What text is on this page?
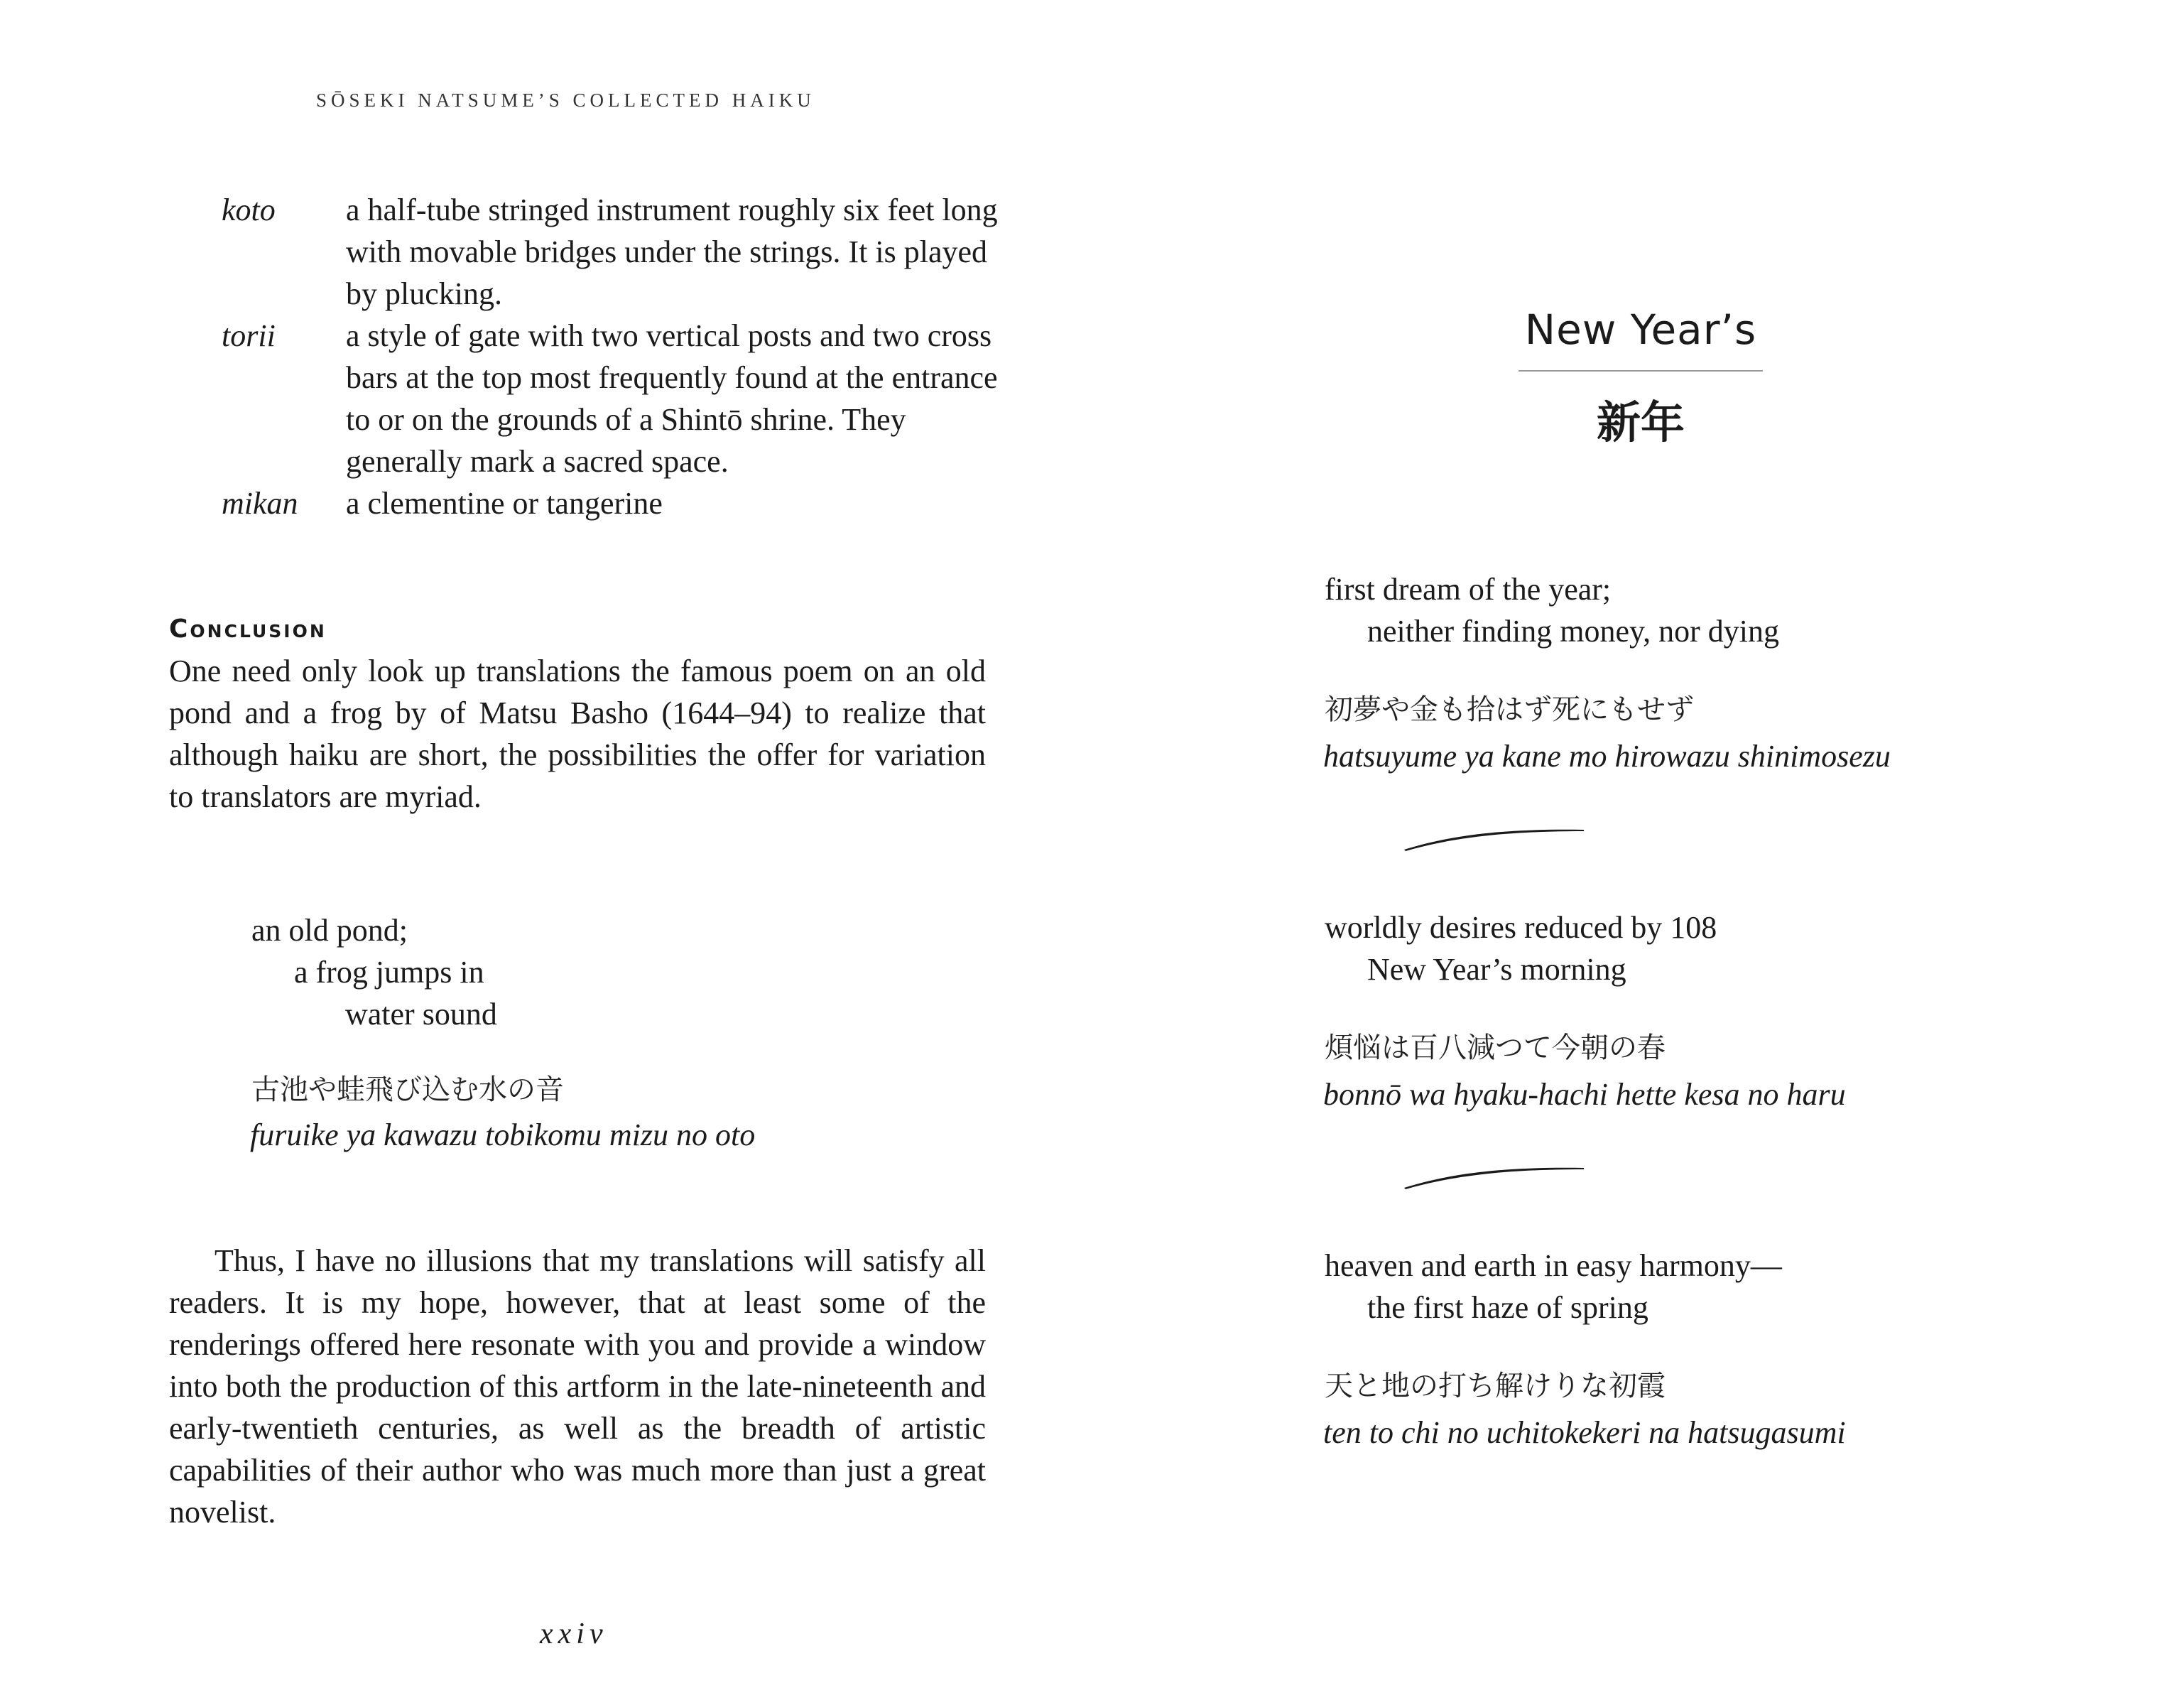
SŌSEKI NATSUME’S COLLECTED HAIKU
koto	a half-tube stringed instrument roughly six feet long with movable bridges under the strings. It is played by plucking.
torii	a style of gate with two vertical posts and two cross bars at the top most frequently found at the entrance to or on the grounds of a Shintō shrine. They generally mark a sacred space.
mikan	a clementine or tangerine
Conclusion

One need only look up translations the famous poem on an old pond and a frog by of Matsu Basho (1644–94) to realize that although haiku are short, the possibilities the offer for variation to translators are myriad.

an old pond;
a frog jumps in
water sound
古池や蛙飛び込む水の音
furuike ya kawazu tobikomu mizu no oto

Thus, I have no illusions that my translations will satisfy all readers. It is my hope, however, that at least some of the renderings offered here resonate with you and provide a window into both the production of this artform in the late-nineteenth and early-twentieth centuries, as well as the breadth of artistic capabilities of their author who was much more than just a great novelist.

xxiv
New Year’s
新年
first dream of the year;
neither finding money, nor dying
初夢や金も拾はず死にもせず
hatsuyume ya kane mo hirowazu shinimosezu
worldly desires reduced by 108
New Year’s morning
煩悩は百八減つて今朝の春
bonnō wa hyaku-hachi hette kesa no haru
heaven and earth in easy harmony—
the first haze of spring
天と地の打ち解けりな初霞
ten to chi no uchitokekeri na hatsugasumi
